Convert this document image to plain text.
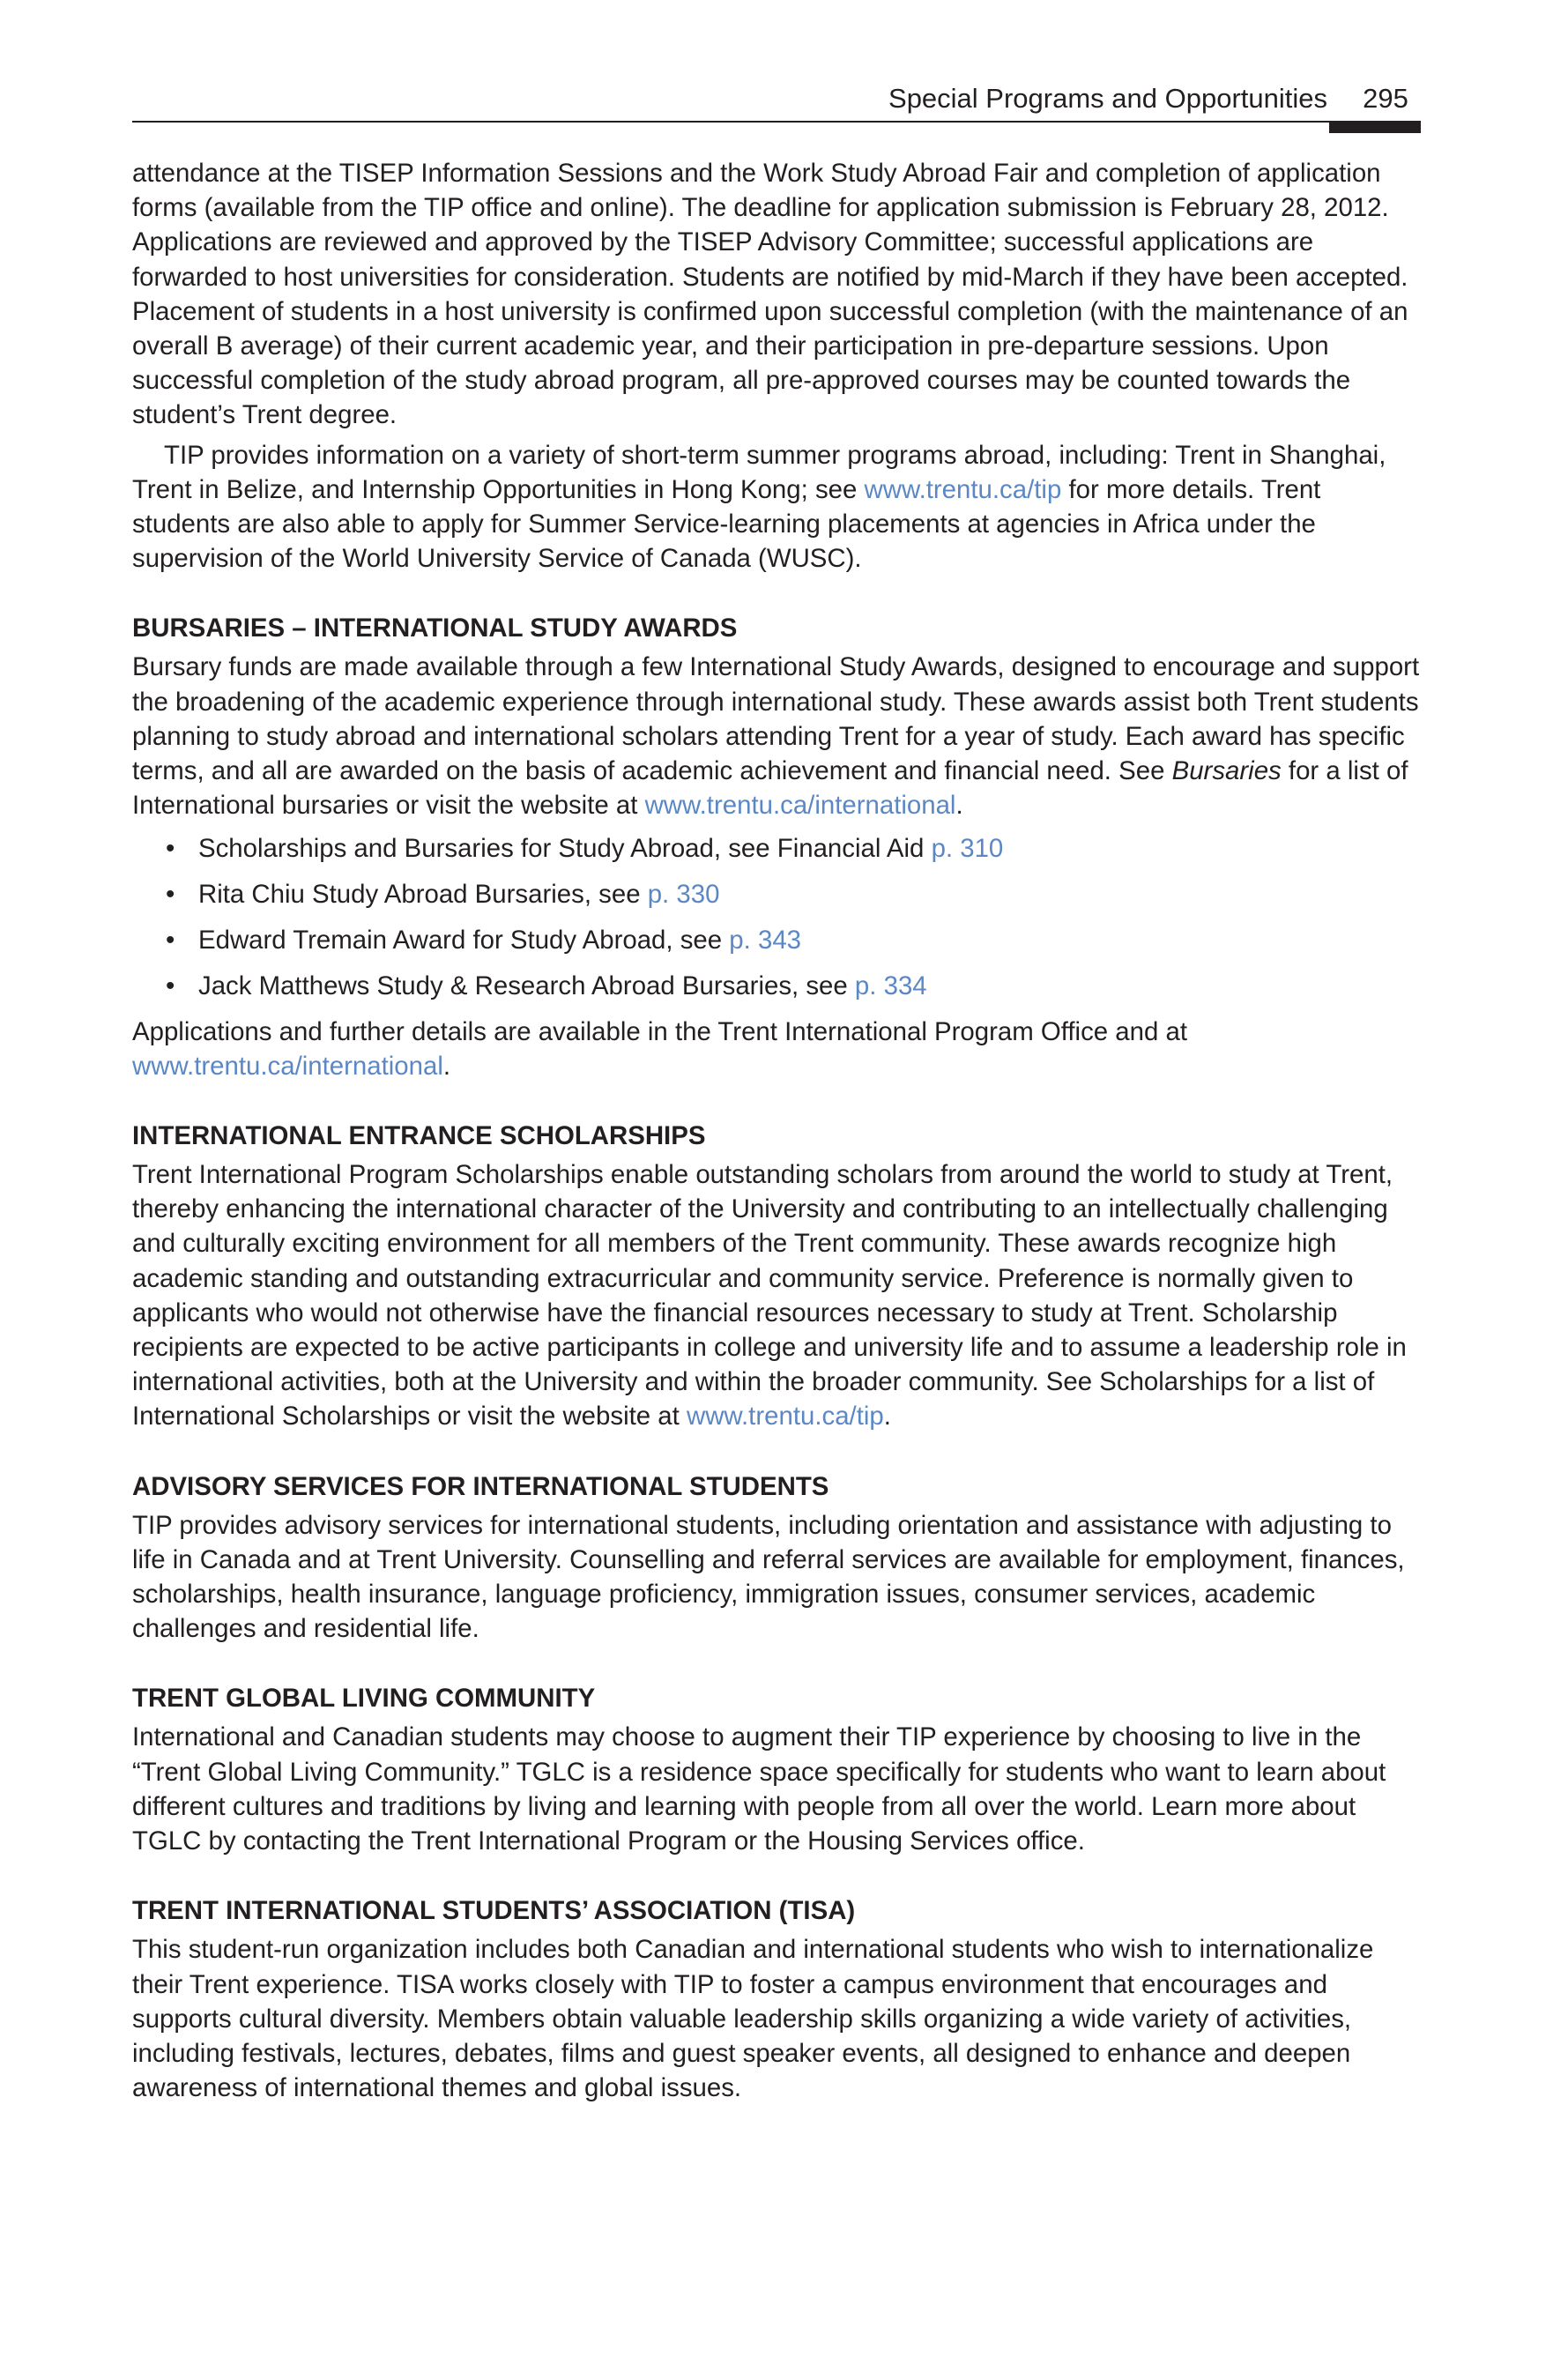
Special Programs and Opportunities	295

attendance at the TISEP Information Sessions and the Work Study Abroad Fair and completion of application forms (available from the TIP office and online). The deadline for application submission is February 28, 2012. Applications are reviewed and approved by the TISEP Advisory Committee; successful applications are forwarded to host universities for consideration. Students are notified by mid-March if they have been accepted. Placement of students in a host university is confirmed upon successful completion (with the maintenance of an overall B average) of their current academic year, and their participation in pre-departure sessions. Upon successful completion of the study abroad program, all pre-approved courses may be counted towards the student’s Trent degree.

TIP provides information on a variety of short-term summer programs abroad, including: Trent in Shanghai, Trent in Belize, and Internship Opportunities in Hong Kong; see www.trentu.ca/tip for more details. Trent students are also able to apply for Summer Service-learning placements at agencies in Africa under the supervision of the World University Service of Canada (WUSC).

BURSARIES – INTERNATIONAL STUDY AWARDS

Bursary funds are made available through a few International Study Awards, designed to encourage and support the broadening of the academic experience through international study. These awards assist both Trent students planning to study abroad and international scholars attending Trent for a year of study. Each award has specific terms, and all are awarded on the basis of academic achievement and financial need. See Bursaries for a list of International bursaries or visit the website at www.trentu.ca/international.

• Scholarships and Bursaries for Study Abroad, see Financial Aid p. 310
• Rita Chiu Study Abroad Bursaries, see p. 330
• Edward Tremain Award for Study Abroad, see p. 343
• Jack Matthews Study & Research Abroad Bursaries, see p. 334

Applications and further details are available in the Trent International Program Office and at www.trentu.ca/international.

INTERNATIONAL ENTRANCE SCHOLARSHIPS

Trent International Program Scholarships enable outstanding scholars from around the world to study at Trent, thereby enhancing the international character of the University and contributing to an intellectually challenging and culturally exciting environment for all members of the Trent community. These awards recognize high academic standing and outstanding extracurricular and community service. Preference is normally given to applicants who would not otherwise have the financial resources necessary to study at Trent. Scholarship recipients are expected to be active participants in college and university life and to assume a leadership role in international activities, both at the University and within the broader community. See Scholarships for a list of International Scholarships or visit the website at www.trentu.ca/tip.

ADVISORY SERVICES FOR INTERNATIONAL STUDENTS

TIP provides advisory services for international students, including orientation and assistance with adjusting to life in Canada and at Trent University. Counselling and referral services are available for employment, finances, scholarships, health insurance, language proficiency, immigration issues, consumer services, academic challenges and residential life.

TRENT GLOBAL LIVING COMMUNITY

International and Canadian students may choose to augment their TIP experience by choosing to live in the “Trent Global Living Community.” TGLC is a residence space specifically for students who want to learn about different cultures and traditions by living and learning with people from all over the world. Learn more about TGLC by contacting the Trent International Program or the Housing Services office.

TRENT INTERNATIONAL STUDENTS’ ASSOCIATION (TISA)

This student-run organization includes both Canadian and international students who wish to internationalize their Trent experience. TISA works closely with TIP to foster a campus environment that encourages and supports cultural diversity. Members obtain valuable leadership skills organizing a wide variety of activities, including festivals, lectures, debates, films and guest speaker events, all designed to enhance and deepen awareness of international themes and global issues.
